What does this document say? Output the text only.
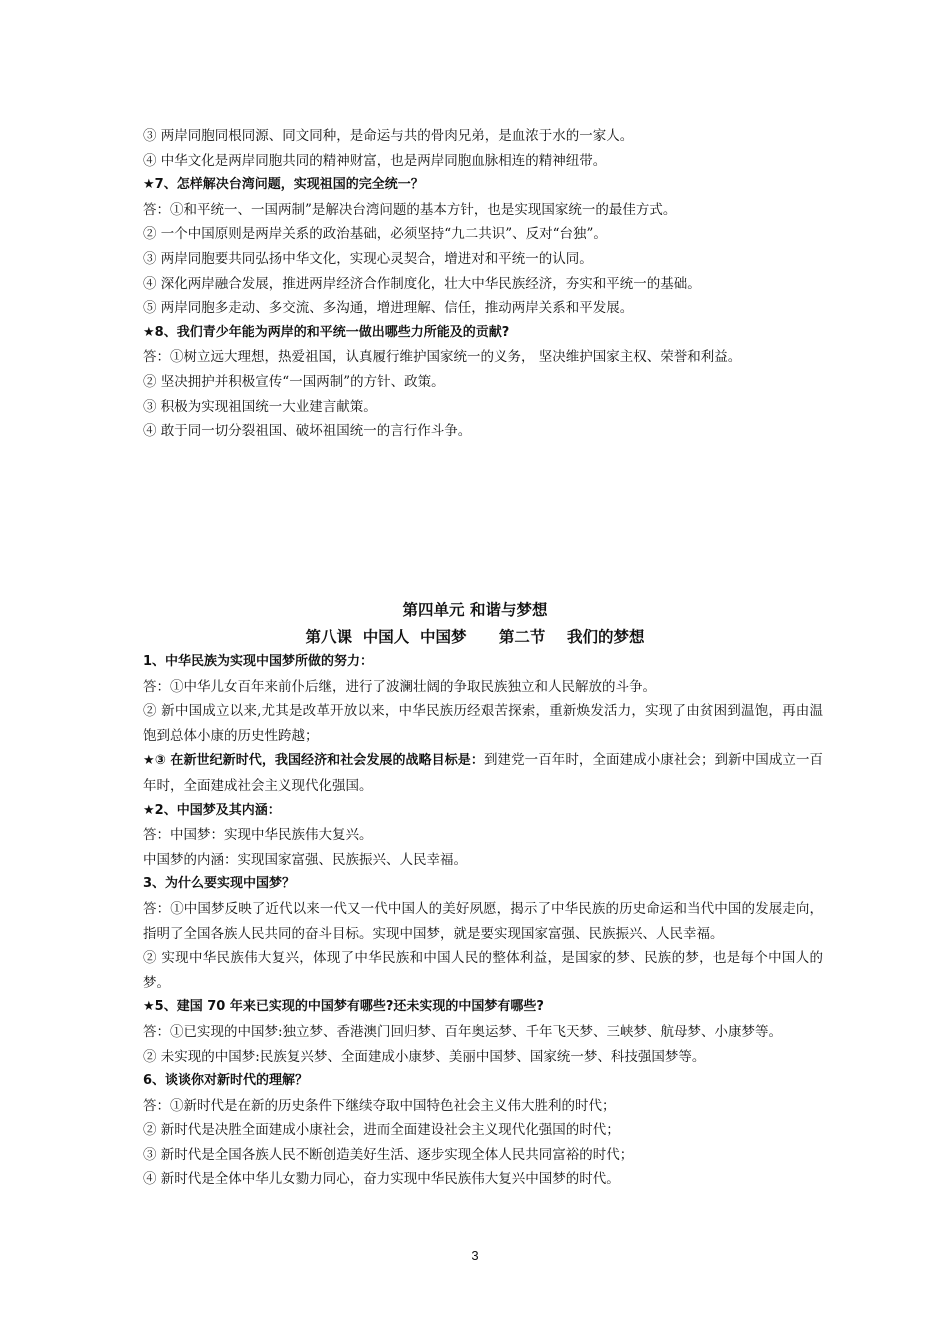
③ 两岸同胞同根同源、同文同种，是命运与共的骨肉兄弟，是血浓于水的一家人。
④ 中华文化是两岸同胞共同的精神财富，也是两岸同胞血脉相连的精神纽带。
★7、怎样解决台湾问题，实现祖国的完全统一？
答：①和平统一、一国两制”是解决台湾问题的基本方针，也是实现国家统一的最佳方式。
② 一个中国原则是两岸关系的政治基础，必须坚持“九二共识”、反对“台独”。
③ 两岸同胞要共同弘扬中华文化，实现心灵契合，增进对和平统一的认同。
④ 深化两岸融合发展，推进两岸经济合作制度化，壮大中华民族经济，夯实和平统一的基础。
⑤ 两岸同胞多走动、多交流、多沟通，增进理解、信任，推动两岸关系和平发展。
★8、我们青少年能为两岸的和平统一做出哪些力所能及的贡献?
答：①树立远大理想，热爱祖国，认真履行维护国家统一的义务， 坚决维护国家主权、荣誉和利益。
② 坚决拥护并积极宣传“一国两制”的方针、政策。
③ 积极为实现祖国统一大业建言献策。
④ 敢于同一切分裂祖国、破坏祖国统一的言行作斗争。
第四单元 和谐与梦想
第八课  中国人  中国梦      第二节    我们的梦想
1、中华民族为实现中国梦所做的努力：
答：①中华儿女百年来前仆后继，进行了波澜壮阔的争取民族独立和人民解放的斗争。
② 新中国成立以来,尤其是改革开放以来，中华民族历经艰苦探索，重新焕发活力，实现了由贫困到温饱，再由温饱到总体小康的历史性跨越；
★③ 在新世纪新时代，我国经济和社会发展的战略目标是：到建党一百年时，全面建成小康社会；到新中国成立一百年时，全面建成社会主义现代化强国。
★2、中国梦及其内涵：
答：中国梦：实现中华民族伟大复兴。
中国梦的内涵：实现国家富强、民族振兴、人民幸福。
3、为什么要实现中国梦？
答：①中国梦反映了近代以来一代又一代中国人的美好夙愿，揭示了中华民族的历史命运和当代中国的发展走向，指明了全国各族人民共同的奋斗目标。实现中国梦，就是要实现国家富强、民族振兴、人民幸福。
② 实现中华民族伟大复兴，体现了中华民族和中国人民的整体利益，是国家的梦、民族的梦，也是每个中国人的梦。
★5、建国 70 年来已实现的中国梦有哪些?还未实现的中国梦有哪些?
答：①已实现的中国梦:独立梦、香港澳门回归梦、百年奥运梦、千年飞天梦、三峡梦、航母梦、小康梦等。
② 未实现的中国梦:民族复兴梦、全面建成小康梦、美丽中国梦、国家统一梦、科技强国梦等。
6、谈谈你对新时代的理解？
答：①新时代是在新的历史条件下继续夺取中国特色社会主义伟大胜利的时代；
② 新时代是决胜全面建成小康社会，进而全面建设社会主义现代化强国的时代；
③ 新时代是全国各族人民不断创造美好生活、逐步实现全体人民共同富裕的时代；
④ 新时代是全体中华儿女勠力同心，奋力实现中华民族伟大复兴中国梦的时代。
3
